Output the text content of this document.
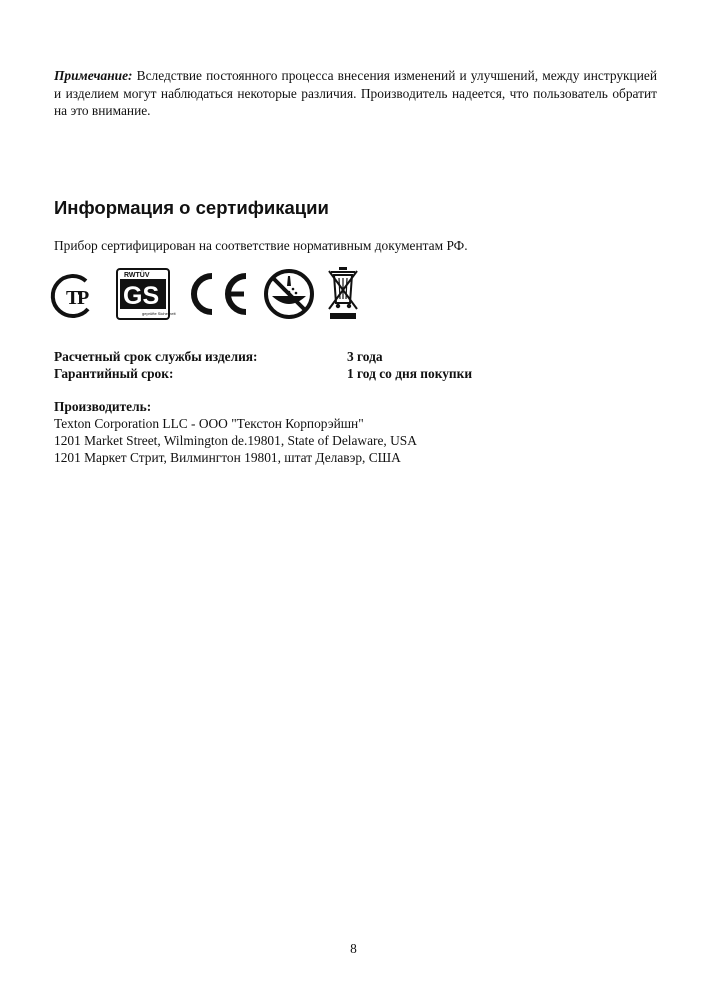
Примечание: Вследствие постоянного процесса внесения изменений и улучшений, между инструкцией и изделием могут наблюдаться некоторые различия. Производитель надеется, что пользователь обратит на это внимание.
Информация о сертификации
Прибор сертифицирован на соответствие нормативным документам РФ.
Т
Р
RWTÜV
GS
geprüfte Sicherheit
Расчетный срок службы изделия:	3 года
Гарантийный срок:	1 год со дня покупки
Производитель:
Texton Corporation LLC - ООО "Текстон Корпорэйшн"
1201 Market Street, Wilmington de.19801, State of Delaware, USA
1201 Маркет Стрит, Вилмингтон 19801, штат Делавэр, США
8
